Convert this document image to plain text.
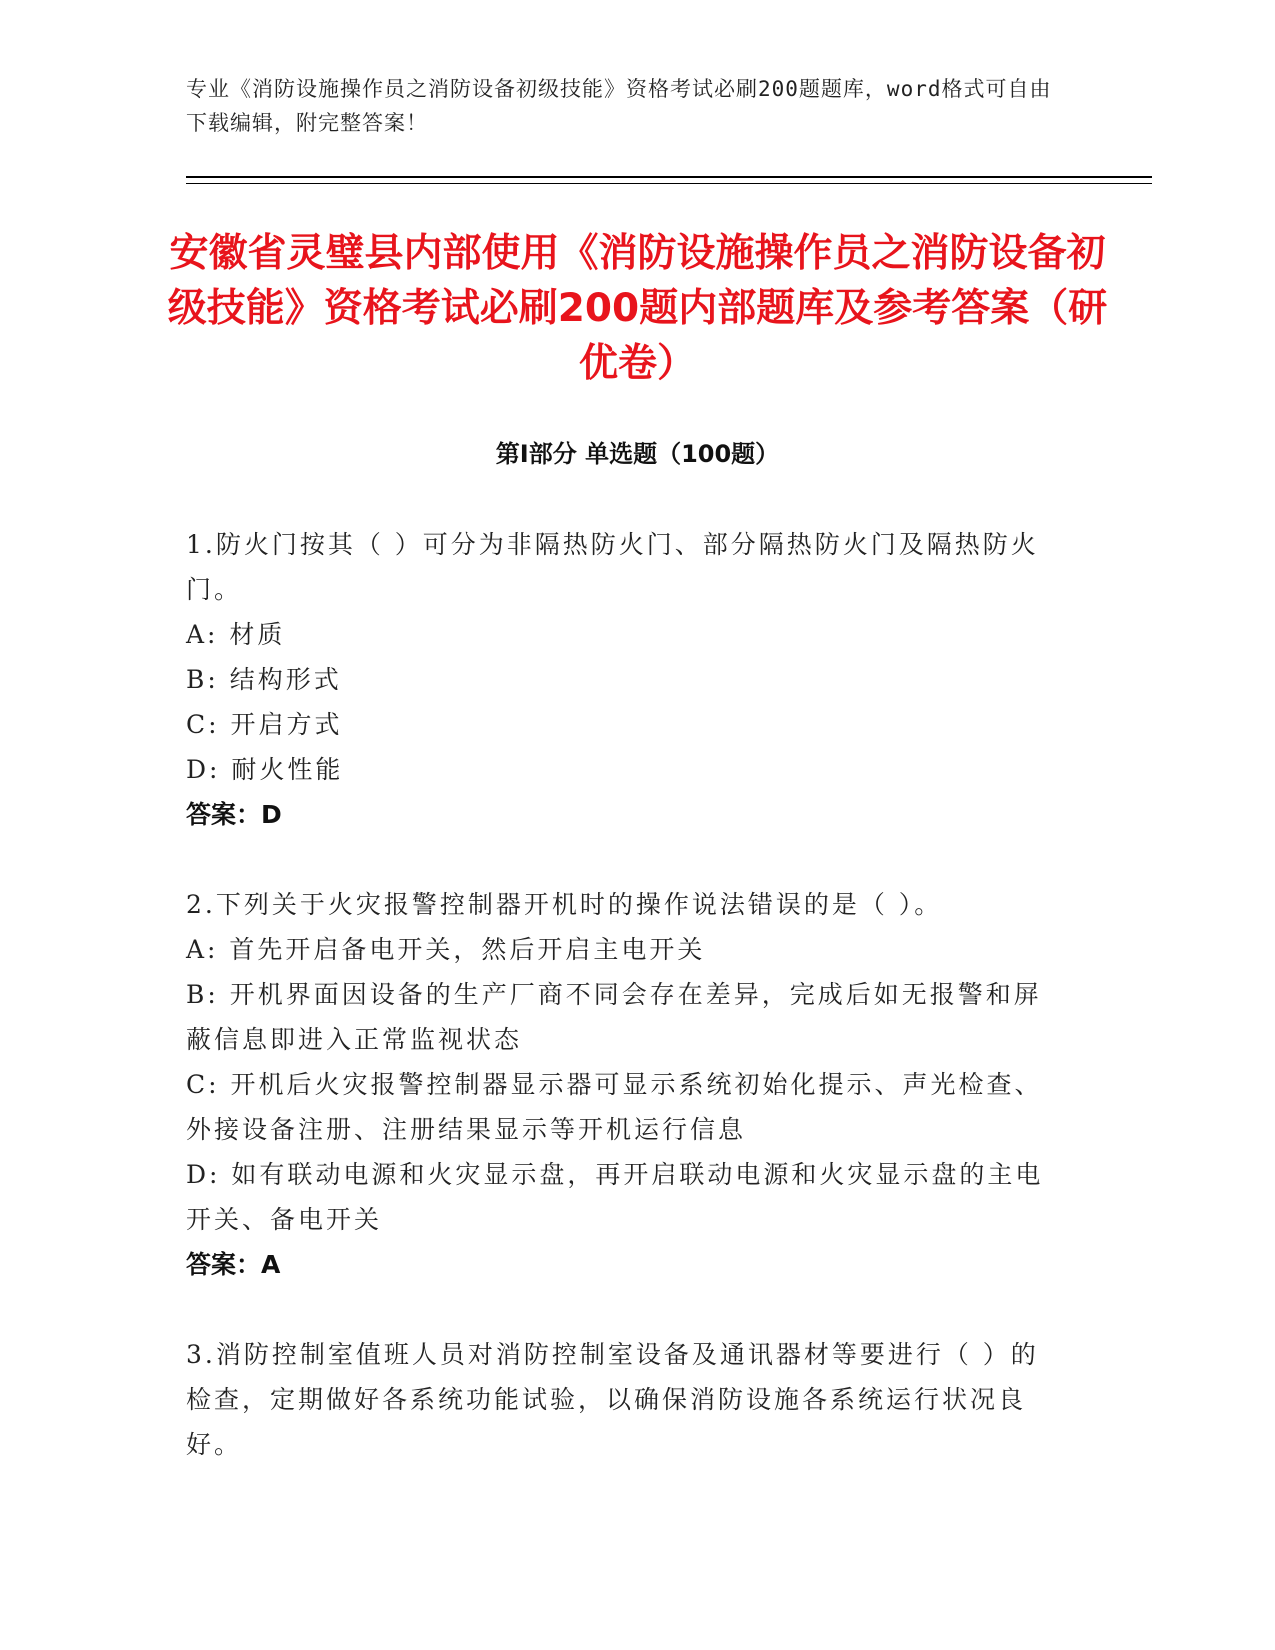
专业《消防设施操作员之消防设备初级技能》资格考试必刷200题题库，word格式可自由下载编辑，附完整答案！
安徽省灵璧县内部使用《消防设施操作员之消防设备初级技能》资格考试必刷200题内部题库及参考答案（研优卷）
第Ⅰ部分 单选题（100题）
1.防火门按其（ ）可分为非隔热防火门、部分隔热防火门及隔热防火门。
A: 材质
B: 结构形式
C: 开启方式
D: 耐火性能
答案：D
2.下列关于火灾报警控制器开机时的操作说法错误的是（ ）。
A: 首先开启备电开关，然后开启主电开关
B: 开机界面因设备的生产厂商不同会存在差异，完成后如无报警和屏蔽信息即进入正常监视状态
C: 开机后火灾报警控制器显示器可显示系统初始化提示、声光检查、外接设备注册、注册结果显示等开机运行信息
D: 如有联动电源和火灾显示盘，再开启联动电源和火灾显示盘的主电开关、备电开关
答案：A
3.消防控制室值班人员对消防控制室设备及通讯器材等要进行（ ）的检查，定期做好各系统功能试验，以确保消防设施各系统运行状况良好。
